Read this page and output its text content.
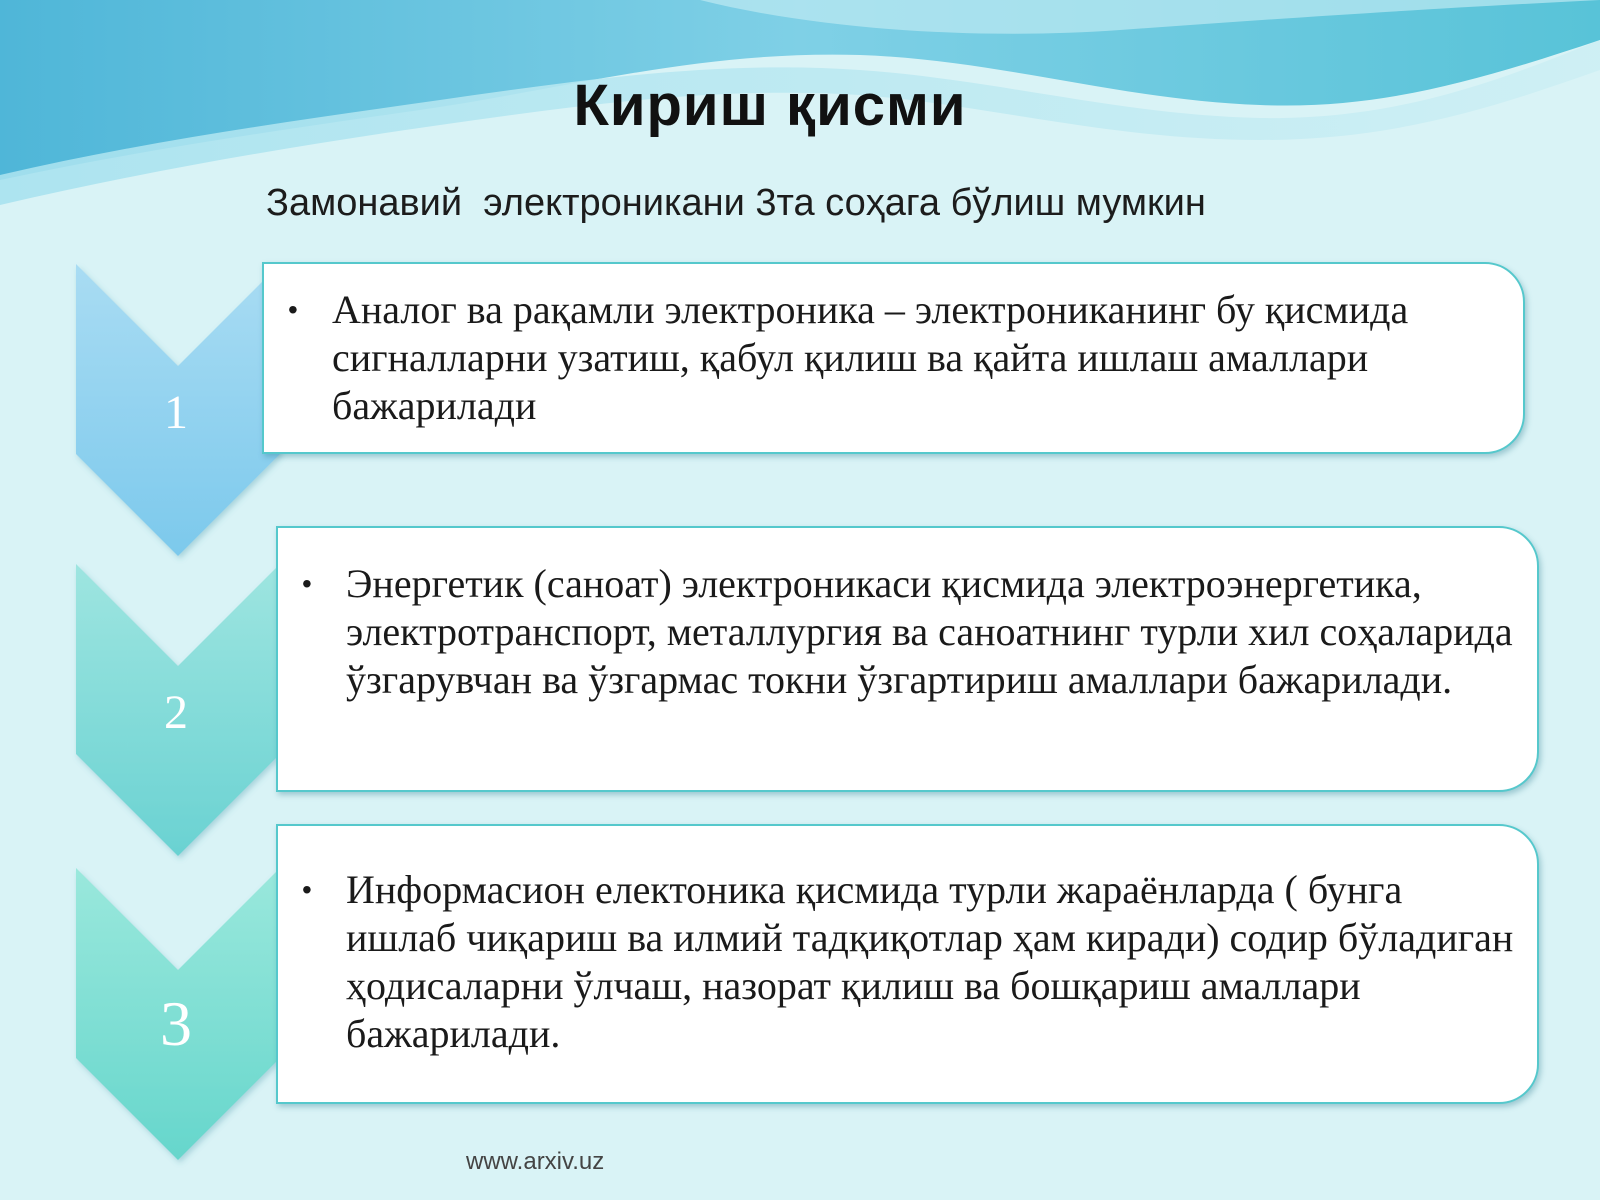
Кириш қисми
Замонавий  электроникани 3та соҳага бўлиш мумкин
1
2
3
• Аналог ва рақамли электроника – электрониканинг бу қисмида сигналларни узатиш, қабул қилиш ва қайта ишлаш амаллари бажарилади
• Энергетик (саноат) электроникаси қисмида электроэнергетика, электротранспорт, металлургия ва саноатнинг турли хил соҳаларида ўзгарувчан ва ўзгармас токни ўзгартириш амаллари бажарилади.
• Информасион електоника қисмида турли жараёнларда ( бунга ишлаб чиқариш ва илмий тадқиқотлар ҳам киради) содир бўладиган ҳодисаларни ўлчаш, назорат қилиш ва бошқариш амаллари бажарилади.
www.arxiv.uz
